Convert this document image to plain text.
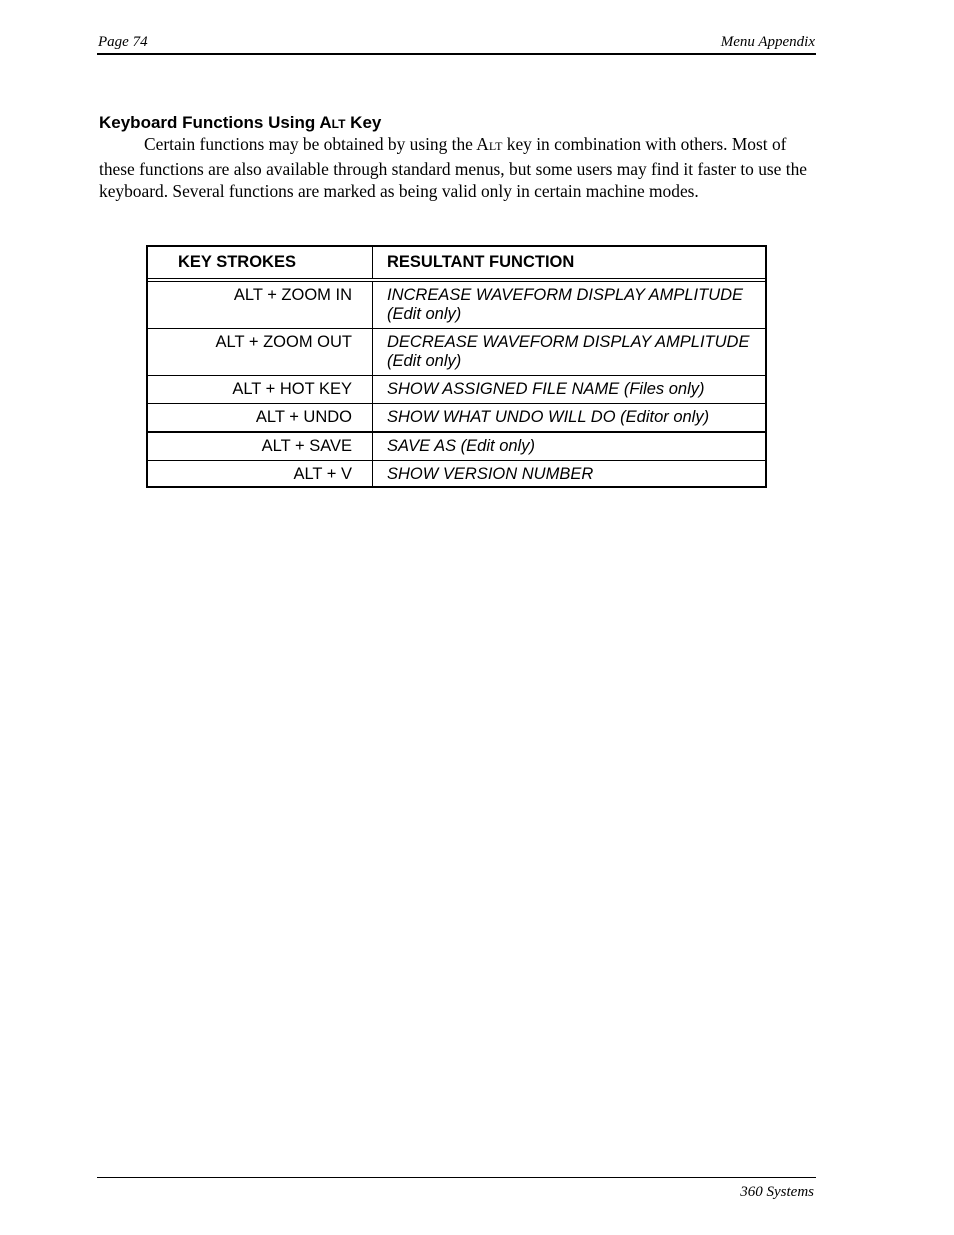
Page 74	Menu Appendix
Keyboard Functions Using ALT Key

Certain functions may be obtained by using the ALT key in combination with others. Most of these functions are also available through standard menus, but some users may find it faster to use the keyboard. Several functions are marked as being valid only in certain machine modes.

KEY STROKES	RESULTANT FUNCTION
ALT + ZOOM IN	INCREASE WAVEFORM DISPLAY AMPLITUDE (Edit only)
ALT + ZOOM OUT	DECREASE WAVEFORM DISPLAY AMPLITUDE (Edit only)
ALT + HOT KEY	SHOW ASSIGNED FILE NAME (Files only)
ALT + UNDO	SHOW WHAT UNDO WILL DO (Editor only)
ALT + SAVE	SAVE AS (Edit only)
ALT + V	SHOW VERSION NUMBER
360 Systems
